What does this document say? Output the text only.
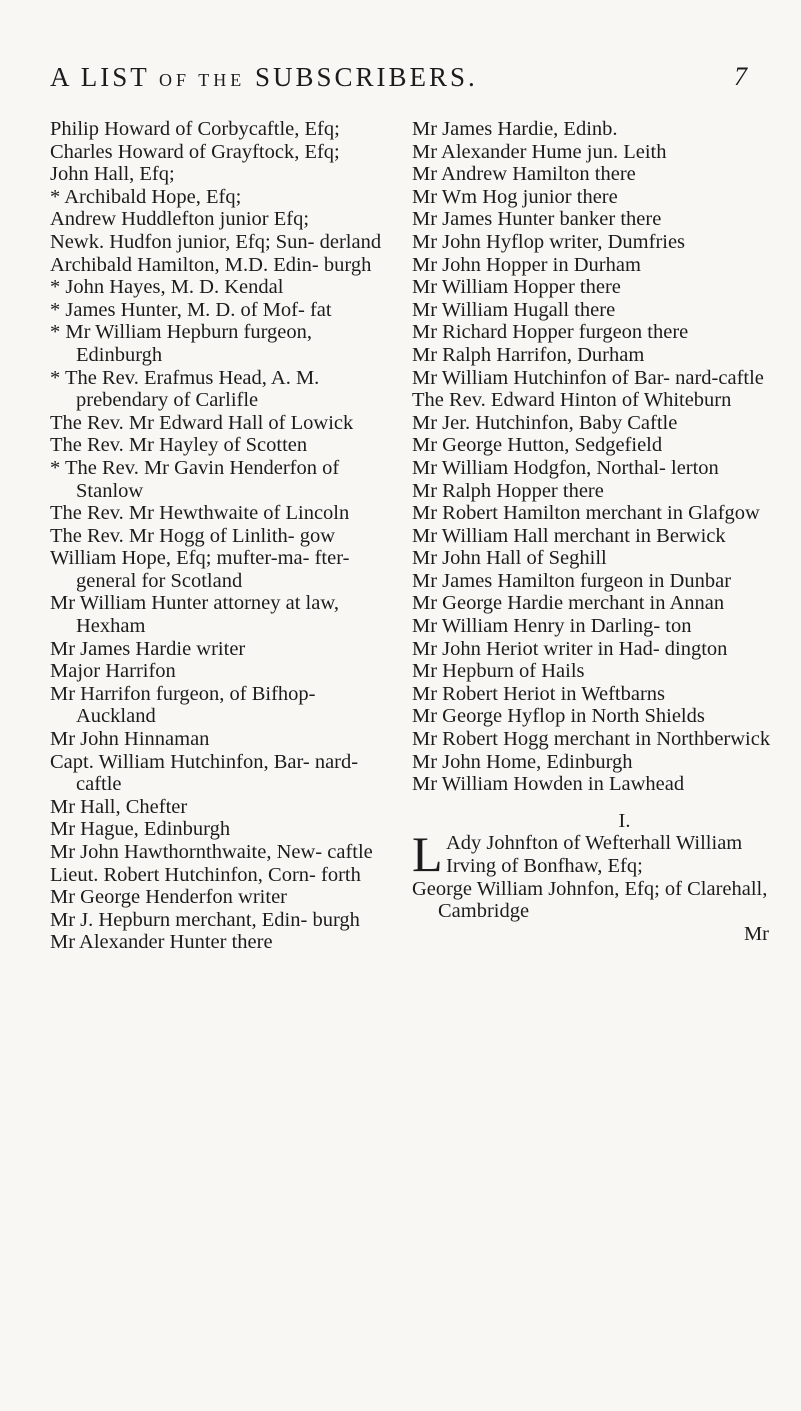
A LIST OF THE SUBSCRIBERS.	7

Philip Howard of Corbycaftle, Efq;

Charles Howard of Grayftock, Efq;

John Hall, Efq;

* Archibald Hope, Efq;

Andrew Huddlefton junior Efq;

Newk. Hudfon junior, Efq; Sun- derland

Archibald Hamilton, M.D. Edin- burgh

* John Hayes, M. D. Kendal

* James Hunter, M. D. of Mof- fat

* Mr William Hepburn furgeon, Edinburgh

* The Rev. Erafmus Head, A. M. prebendary of Carlifle

The Rev. Mr Edward Hall of Lowick

The Rev. Mr Hayley of Scotten

* The Rev. Mr Gavin Henderfon of Stanlow

The Rev. Mr Hewthwaite of Lincoln

The Rev. Mr Hogg of Linlith- gow

William Hope, Efq; mufter-ma- fter-general for Scotland

Mr William Hunter attorney at law, Hexham

Mr James Hardie writer

Major Harrifon

Mr Harrifon furgeon, of Bifhop- Auckland

Mr John Hinnaman

Capt. William Hutchinfon, Bar- nard-caftle

Mr Hall, Chefter

Mr Hague, Edinburgh

Mr John Hawthornthwaite, New- caftle

Lieut. Robert Hutchinfon, Corn- forth

Mr George Henderfon writer

Mr J. Hepburn merchant, Edin- burgh

Mr Alexander Hunter there

Mr James Hardie, Edinb.

Mr Alexander Hume jun. Leith

Mr Andrew Hamilton there

Mr Wm Hog junior there

Mr James Hunter banker there

Mr John Hyflop writer, Dumfries

Mr John Hopper in Durham

Mr William Hopper there

Mr William Hugall there

Mr Richard Hopper furgeon there

Mr Ralph Harrifon, Durham

Mr William Hutchinfon of Bar- nard-caftle

The Rev. Edward Hinton of Whiteburn

Mr Jer. Hutchinfon, Baby Caftle

Mr George Hutton, Sedgefield

Mr William Hodgfon, Northal- lerton

Mr Ralph Hopper there

Mr Robert Hamilton merchant in Glafgow

Mr William Hall merchant in Berwick

Mr John Hall of Seghill

Mr James Hamilton furgeon in Dunbar

Mr George Hardie merchant in Annan

Mr William Henry in Darling- ton

Mr John Heriot writer in Had- dington

Mr Hepburn of Hails

Mr Robert Heriot in Weftbarns

Mr George Hyflop in North Shields

Mr Robert Hogg merchant in Northberwick

Mr John Home, Edinburgh

Mr William Howden in Lawhead

I.
L Ady Johnfton of Wefterhall William Irving of Bonfhaw, Efq;

George William Johnfon, Efq; of Clarehall, Cambridge

Mr
